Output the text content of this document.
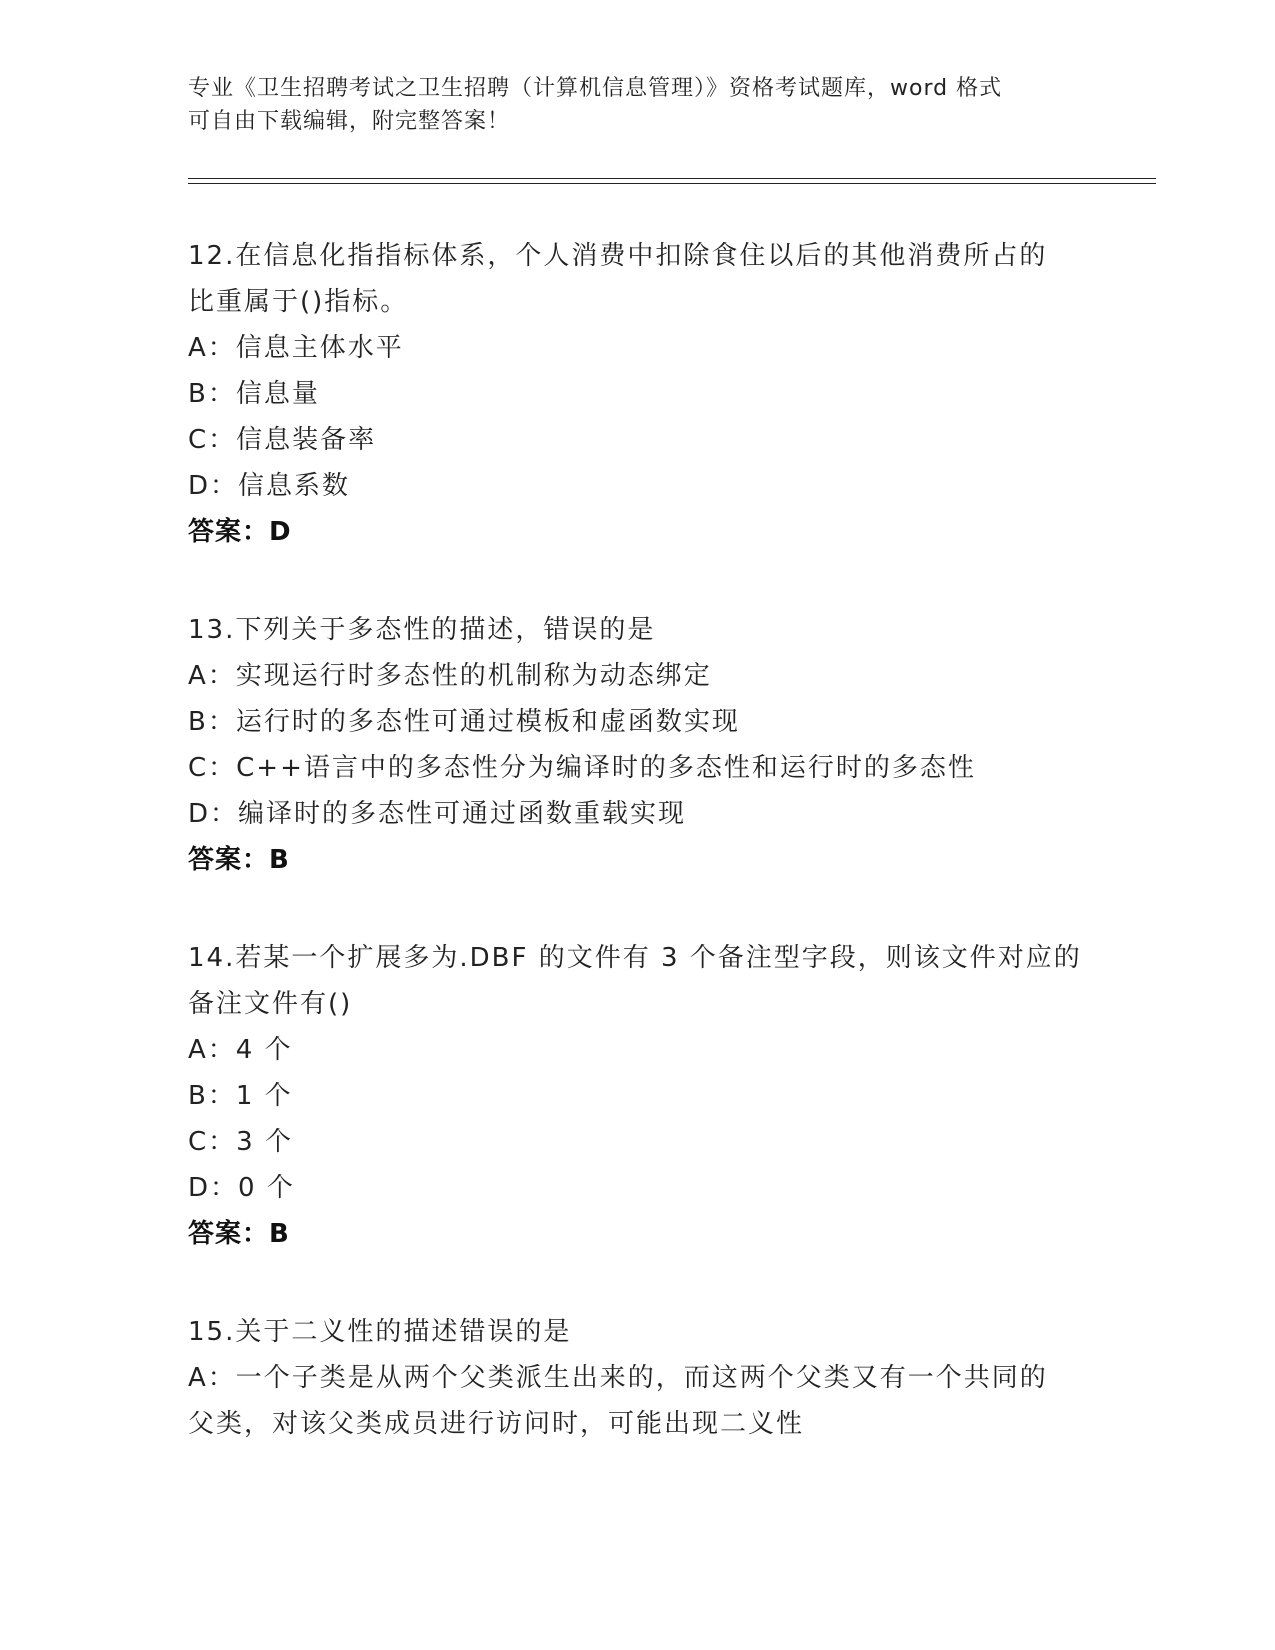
专业《卫生招聘考试之卫生招聘（计算机信息管理）》资格考试题库，word 格式
可自由下载编辑，附完整答案！
12.在信息化指指标体系，个人消费中扣除食住以后的其他消费所占的
比重属于()指标。
A：信息主体水平
B：信息量
C：信息装备率
D：信息系数
答案：D
13.下列关于多态性的描述，错误的是
A：实现运行时多态性的机制称为动态绑定
B：运行时的多态性可通过模板和虚函数实现
C：C++语言中的多态性分为编译时的多态性和运行时的多态性
D：编译时的多态性可通过函数重载实现
答案：B
14.若某一个扩展多为.DBF 的文件有 3 个备注型字段，则该文件对应的
备注文件有()
A：4 个
B：1 个
C：3 个
D：0 个
答案：B
15.关于二义性的描述错误的是
A：一个子类是从两个父类派生出来的，而这两个父类又有一个共同的
父类，对该父类成员进行访问时，可能出现二义性
